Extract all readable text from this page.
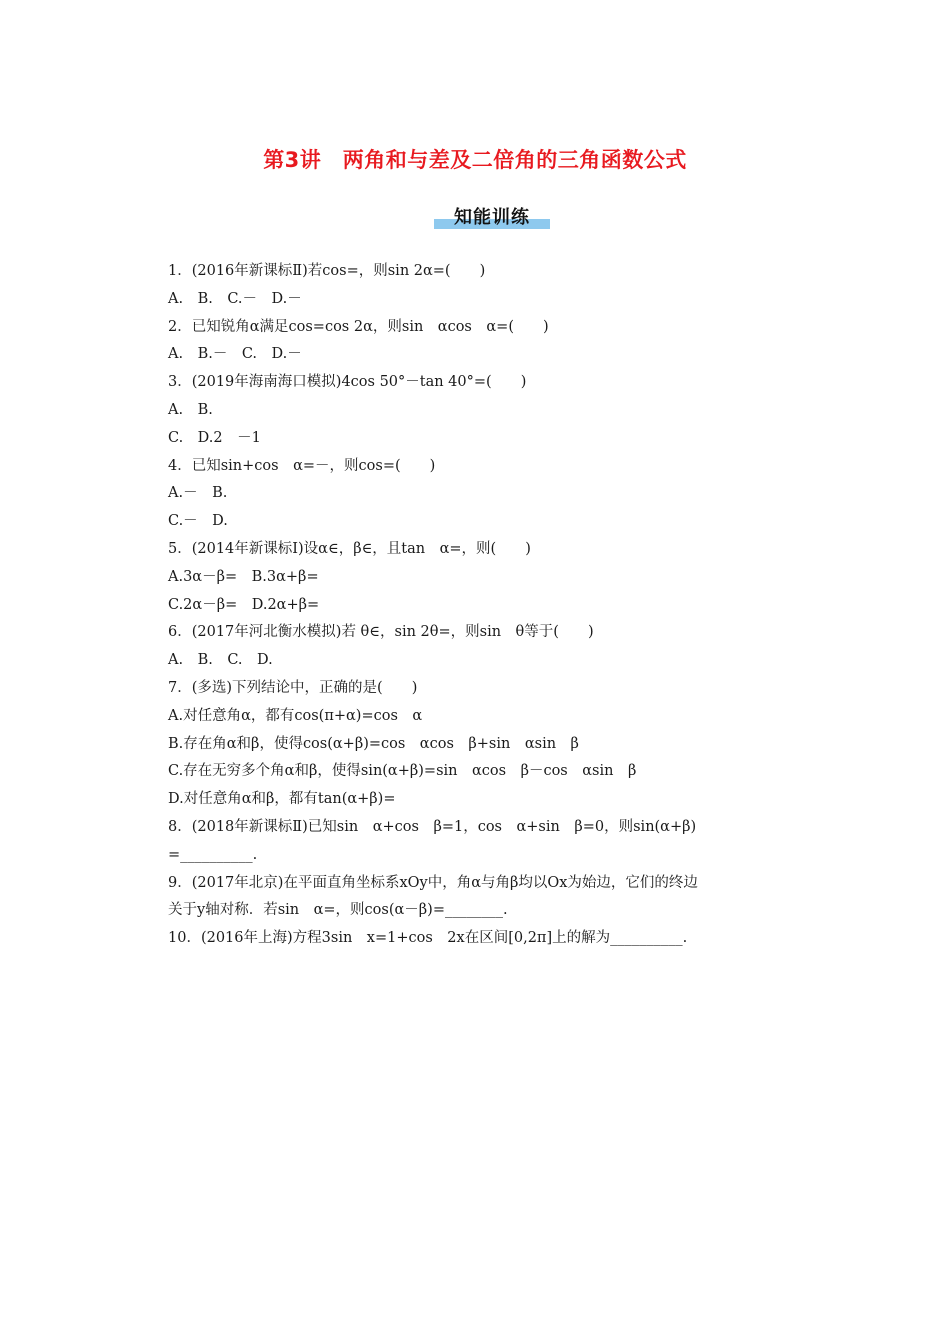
第3讲　两角和与差及二倍角的三角函数公式
知能训练
1．(2016年新课标Ⅱ)若cos=，则sin 2α=(　　)
A.　B.　C.－　D.－
2．已知锐角α满足cos=cos 2α，则sin　αcos　α=(　　)
A.　B.－　C.　D.－
3．(2019年海南海口模拟)4cos 50°－tan 40°=(　　)
A.　B.
C.　D.2　－1
4．已知sin+cos　α=－，则cos=(　　)
A.－　B.
C.－　D.
5．(2014年新课标Ⅰ)设α∈，β∈，且tan　α=，则(　　)
A.3α－β=　B.3α+β=
C.2α－β=　D.2α+β=
6．(2017年河北衡水模拟)若 θ∈，sin 2θ=，则sin　θ等于(　　)
A.　B.　C.　D.
7．(多选)下列结论中，正确的是(　　)
A.对任意角α，都有cos(π+α)=cos　α
B.存在角α和β，使得cos(α+β)=cos　αcos　β+sin　αsin　β
C.存在无穷多个角α和β，使得sin(α+β)=sin　αcos　β－cos　αsin　β
D.对任意角α和β，都有tan(α+β)=
8．(2018年新课标Ⅱ)已知sin　α+cos　β=1，cos　α+sin　β=0，则sin(α+β)
=__________.
9．(2017年北京)在平面直角坐标系xOy中，角α与角β均以Ox为始边，它们的终边
关于y轴对称．若sin　α=，则cos(α－β)=________.
10．(2016年上海)方程3sin　x=1+cos　2x在区间[0,2π]上的解为__________.
